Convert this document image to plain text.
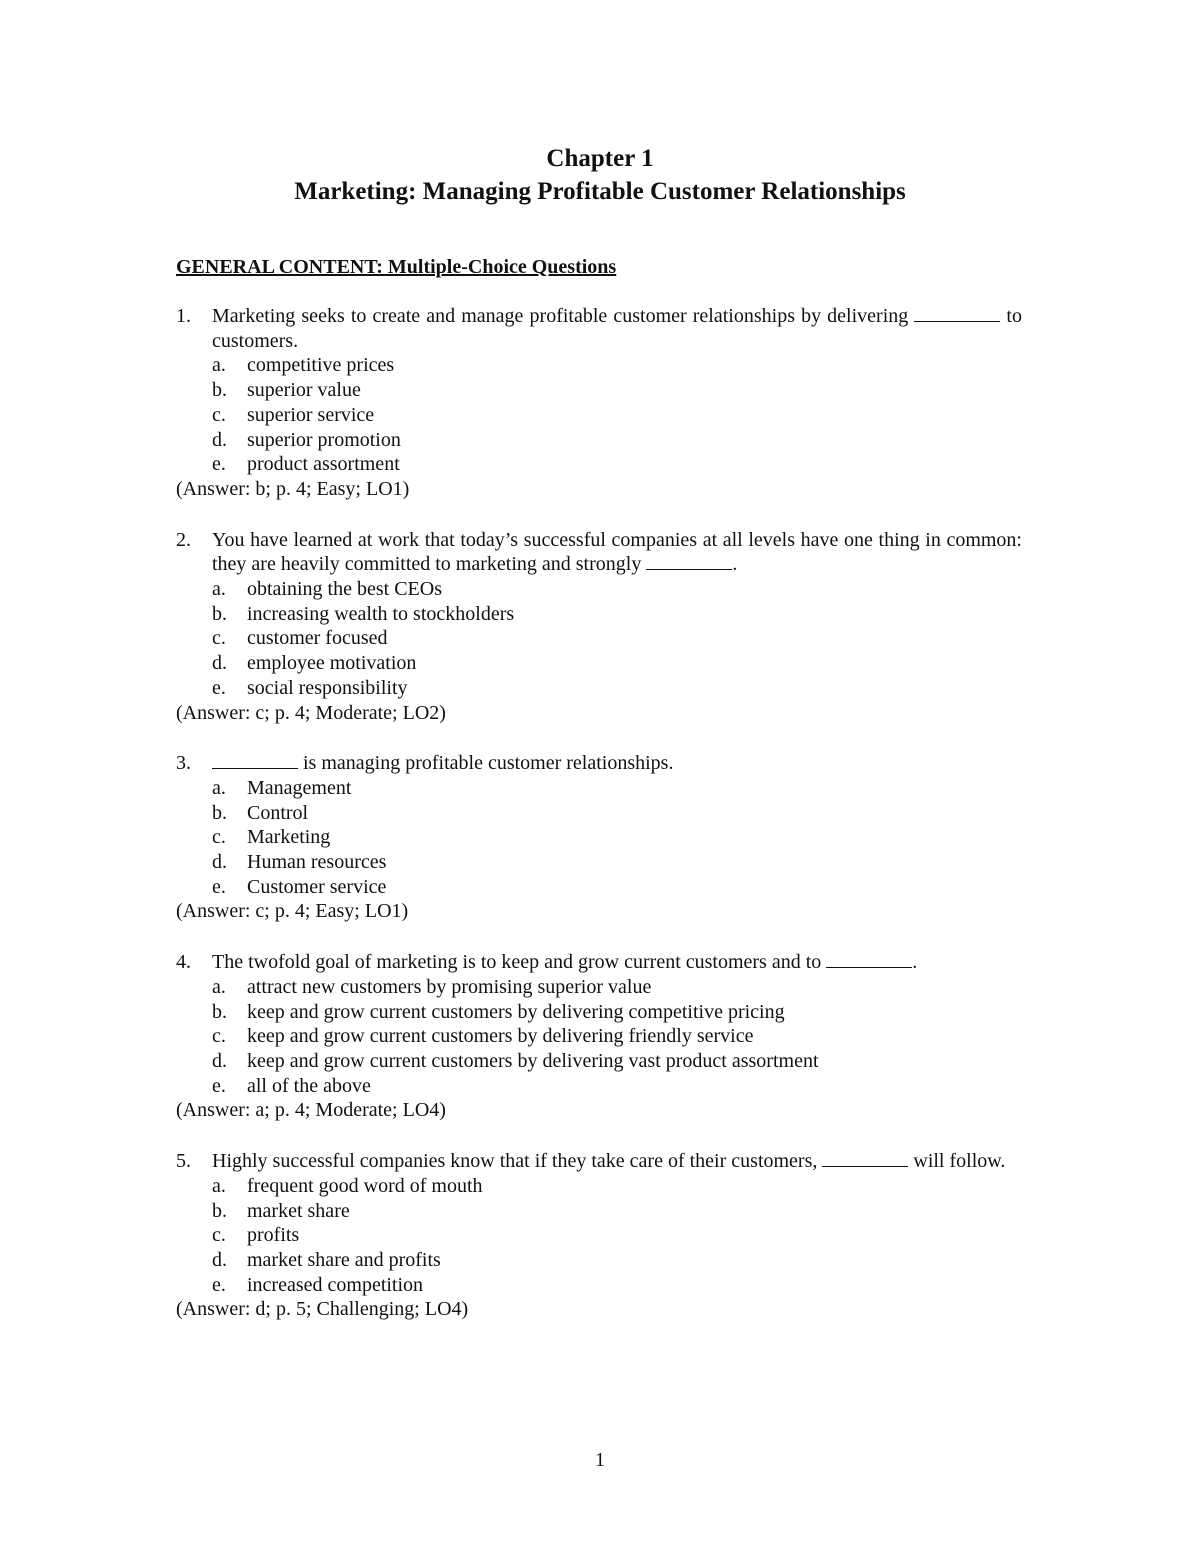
Chapter 1
Marketing: Managing Profitable Customer Relationships
GENERAL CONTENT: Multiple-Choice Questions
1.	Marketing seeks to create and manage profitable customer relationships by delivering	to customers.
a.	competitive prices
b.	superior value
c.	superior service
d.	superior promotion
e.	product assortment
(Answer: b; p. 4; Easy; LO1)
2.	You have learned at work that today’s successful companies at all levels have one thing in common: they are heavily committed to marketing and strongly	.
a.	obtaining the best CEOs
b.	increasing wealth to stockholders
c.	customer focused
d.	employee motivation
e.	social responsibility
(Answer: c; p. 4; Moderate; LO2)
3.	is managing profitable customer relationships.
a.	Management
b.	Control
c.	Marketing
d.	Human resources
e.	Customer service
(Answer: c; p. 4; Easy; LO1)
4.	The twofold goal of marketing is to keep and grow current customers and to	.
a.	attract new customers by promising superior value
b.	keep and grow current customers by delivering competitive pricing
c.	keep and grow current customers by delivering friendly service
d.	keep and grow current customers by delivering vast product assortment
e.	all of the above
(Answer: a; p. 4; Moderate; LO4)
5.	Highly successful companies know that if they take care of their customers,	will follow.
a.	frequent good word of mouth
b.	market share
c.	profits
d.	market share and profits
e.	increased competition
(Answer: d; p. 5; Challenging; LO4)
1
